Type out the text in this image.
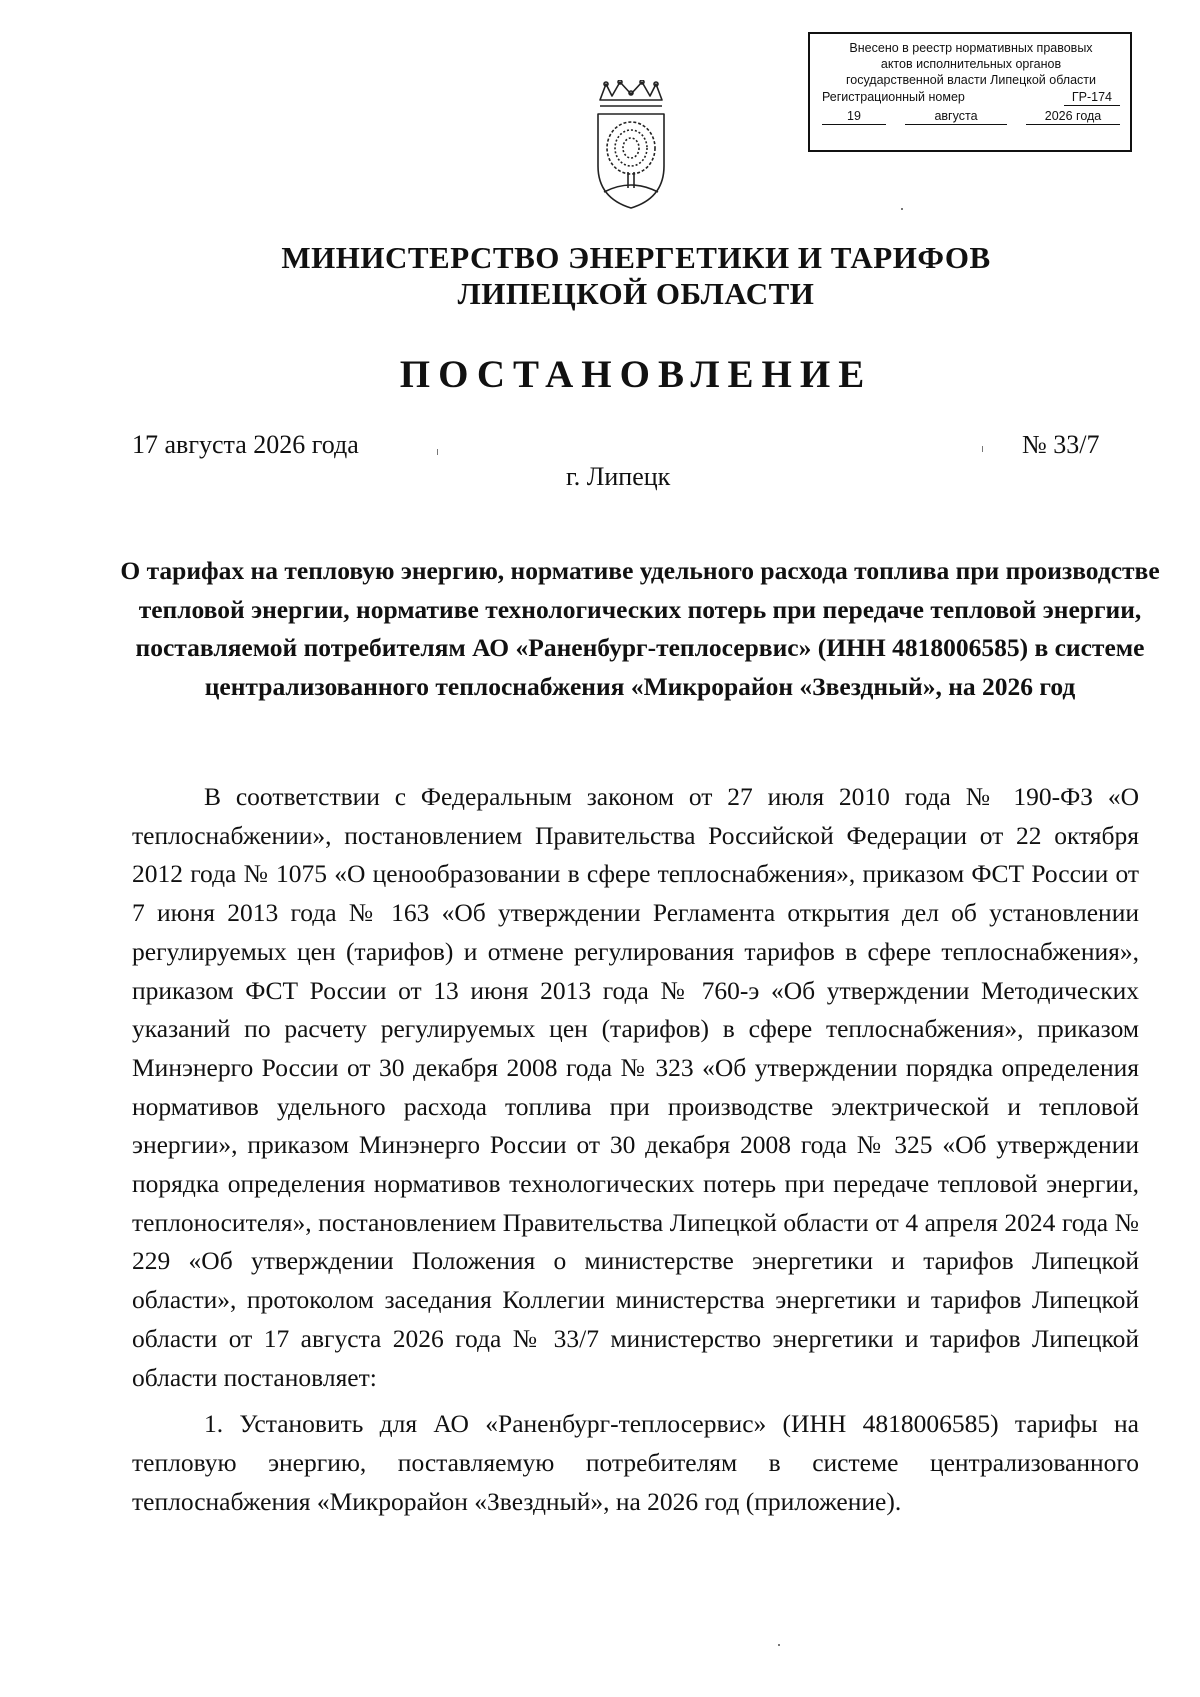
Внесено в реестр нормативных правовых
актов исполнительных органов
государственной власти Липецкой области
Регистрационный номер	ГР-174
19	августа	2026 года
МИНИСТЕРСТВО ЭНЕРГЕТИКИ И ТАРИФОВ
ЛИПЕЦКОЙ ОБЛАСТИ
ПОСТАНОВЛЕНИЕ
17 августа 2026 года	№ 33/7
г. Липецк
О тарифах на тепловую энергию, нормативе удельного расхода топлива при производстве тепловой энергии, нормативе технологических потерь при передаче тепловой энергии, поставляемой потребителям АО «Раненбург-теплосервис» (ИНН 4818006585) в системе централизованного теплоснабжения «Микрорайон «Звездный», на 2026 год

В соответствии с Федеральным законом от 27 июля 2010 года № 190-ФЗ «О теплоснабжении», постановлением Правительства Российской Федерации от 22 октября 2012 года № 1075 «О ценообразовании в сфере теплоснабжения», приказом ФСТ России от 7 июня 2013 года № 163 «Об утверждении Регламента открытия дел об установлении регулируемых цен (тарифов) и отмене регулирования тарифов в сфере теплоснабжения», приказом ФСТ России от 13 июня 2013 года № 760-э «Об утверждении Методических указаний по расчету регулируемых цен (тарифов) в сфере теплоснабжения», приказом Минэнерго России от 30 декабря 2008 года № 323 «Об утверждении порядка определения нормативов удельного расхода топлива при производстве электрической и тепловой энергии», приказом Минэнерго России от 30 декабря 2008 года № 325 «Об утверждении порядка определения нормативов технологических потерь при передаче тепловой энергии, теплоносителя», постановлением Правительства Липецкой области от 4 апреля 2024 года № 229 «Об утверждении Положения о министерстве энергетики и тарифов Липецкой области», протоколом заседания Коллегии министерства энергетики и тарифов Липецкой области от 17 августа 2026 года № 33/7 министерство энергетики и тарифов Липецкой области постановляет:

1. Установить для АО «Раненбург-теплосервис» (ИНН 4818006585) тарифы на тепловую энергию, поставляемую потребителям в системе централизованного теплоснабжения «Микрорайон «Звездный», на 2026 год (приложение).
